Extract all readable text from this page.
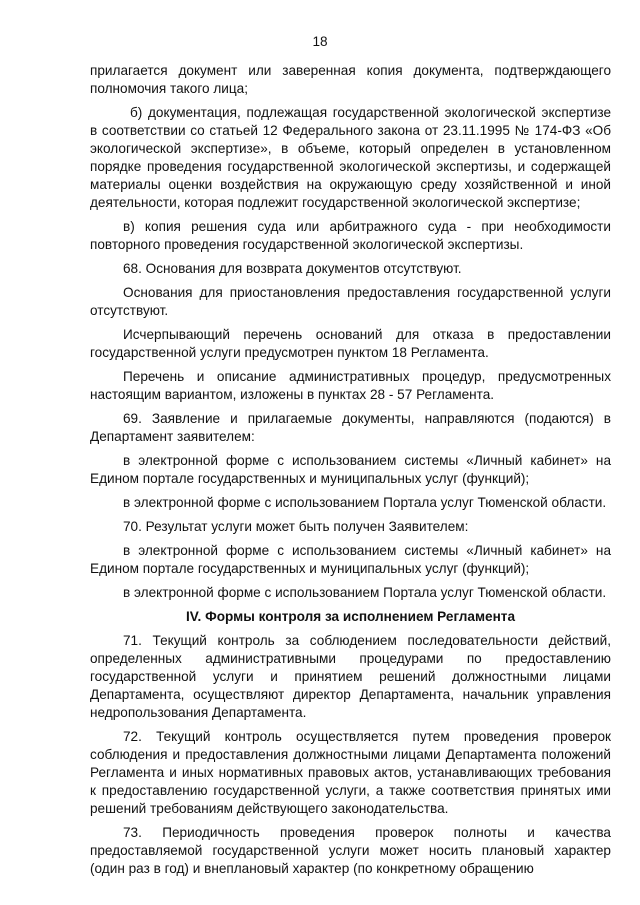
18

прилагается документ или заверенная копия документа, подтверждающего полномочия такого лица;

б) документация, подлежащая государственной экологической экспертизе в соответствии со статьей 12 Федерального закона от 23.11.1995 № 174-ФЗ «Об экологической экспертизе», в объеме, который определен в установленном порядке проведения государственной экологической экспертизы, и содержащей материалы оценки воздействия на окружающую среду хозяйственной и иной деятельности, которая подлежит государственной экологической экспертизе;

в) копия решения суда или арбитражного суда - при необходимости повторного проведения государственной экологической экспертизы.

68. Основания для возврата документов отсутствуют.

Основания для приостановления предоставления государственной услуги отсутствуют.

Исчерпывающий перечень оснований для отказа в предоставлении государственной услуги предусмотрен пунктом 18 Регламента.

Перечень и описание административных процедур, предусмотренных настоящим вариантом, изложены в пунктах 28 - 57 Регламента.

69. Заявление и прилагаемые документы, направляются (подаются) в Департамент заявителем:

в электронной форме с использованием системы «Личный кабинет» на Едином портале государственных и муниципальных услуг (функций);

в электронной форме с использованием Портала услуг Тюменской области.

70. Результат услуги может быть получен Заявителем:

в электронной форме с использованием системы «Личный кабинет» на Едином портале государственных и муниципальных услуг (функций);

в электронной форме с использованием Портала услуг Тюменской области.

IV. Формы контроля за исполнением Регламента

71. Текущий контроль за соблюдением последовательности действий, определенных административными процедурами по предоставлению государственной услуги и принятием решений должностными лицами Департамента, осуществляют директор Департамента, начальник управления недропользования Департамента.

72. Текущий контроль осуществляется путем проведения проверок соблюдения и предоставления должностными лицами Департамента положений Регламента и иных нормативных правовых актов, устанавливающих требования к предоставлению государственной услуги, а также соответствия принятых ими решений требованиям действующего законодательства.

73. Периодичность проведения проверок полноты и качества предоставляемой государственной услуги может носить плановый характер (один раз в год) и внеплановый характер (по конкретному обращению
